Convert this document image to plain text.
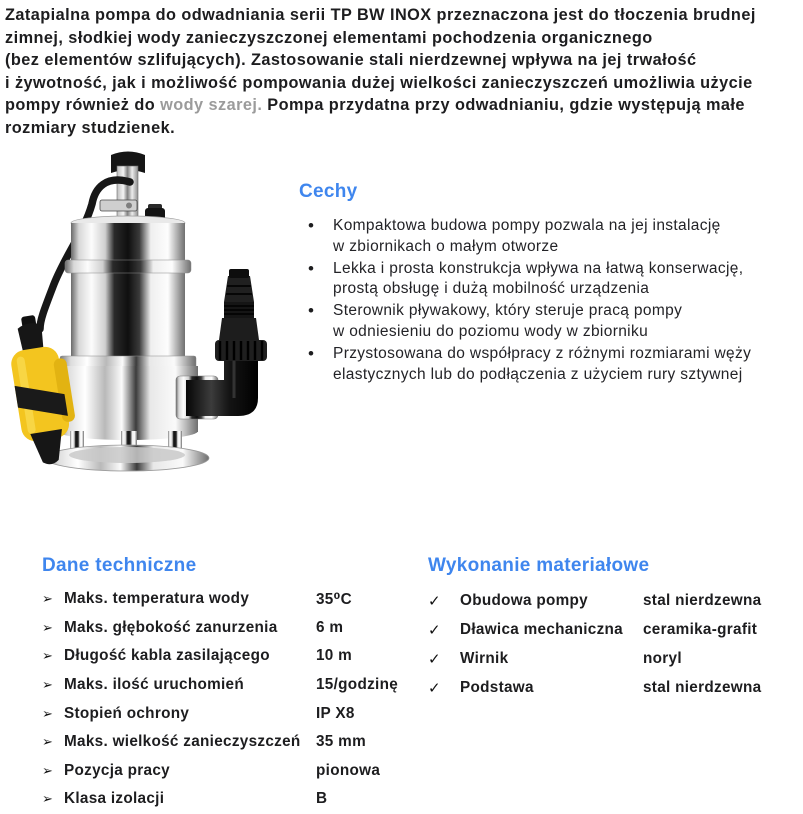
Zatapialna pompa do odwadniania serii TP BW INOX przeznaczona jest do tłoczenia brudnej
zimnej, słodkiej wody zanieczyszczonej elementami pochodzenia organicznego
(bez elementów szlifujących). Zastosowanie stali nierdzewnej wpływa na jej trwałość
i żywotność, jak i możliwość pompowania dużej wielkości zanieczyszczeń umożliwia użycie
pompy również do wody szarej. Pompa przydatna przy odwadnianiu, gdzie występują małe
rozmiary studzienek.

Cechy
•	Kompaktowa budowa pompy pozwala na jej instalację
w zbiornikach o małym otworze
•	Lekka i prosta konstrukcja wpływa na łatwą konserwację,
prostą obsługę i dużą mobilność urządzenia
•	Sterownik pływakowy, który steruje pracą pompy
w odniesieniu do poziomu wody w zbiorniku
•	Przystosowana do współpracy z różnymi rozmiarami węży
elastycznych lub do podłączenia z użyciem rury sztywnej
Dane techniczne
➢ Maks. temperatura wody	35⁰C
➢ Maks. głębokość zanurzenia	6 m
➢ Długość kabla zasilającego	10 m
➢ Maks. ilość uruchomień	15/godzinę
➢ Stopień ochrony	IP X8
➢ Maks. wielkość zanieczyszczeń	35 mm
➢ Pozycja pracy	pionowa
➢ Klasa izolacji	B
Wykonanie materiałowe
✓	Obudowa pompy	stal nierdzewna
✓	Dławica mechaniczna	ceramika-grafit
✓	Wirnik	noryl
✓	Podstawa	stal nierdzewna
